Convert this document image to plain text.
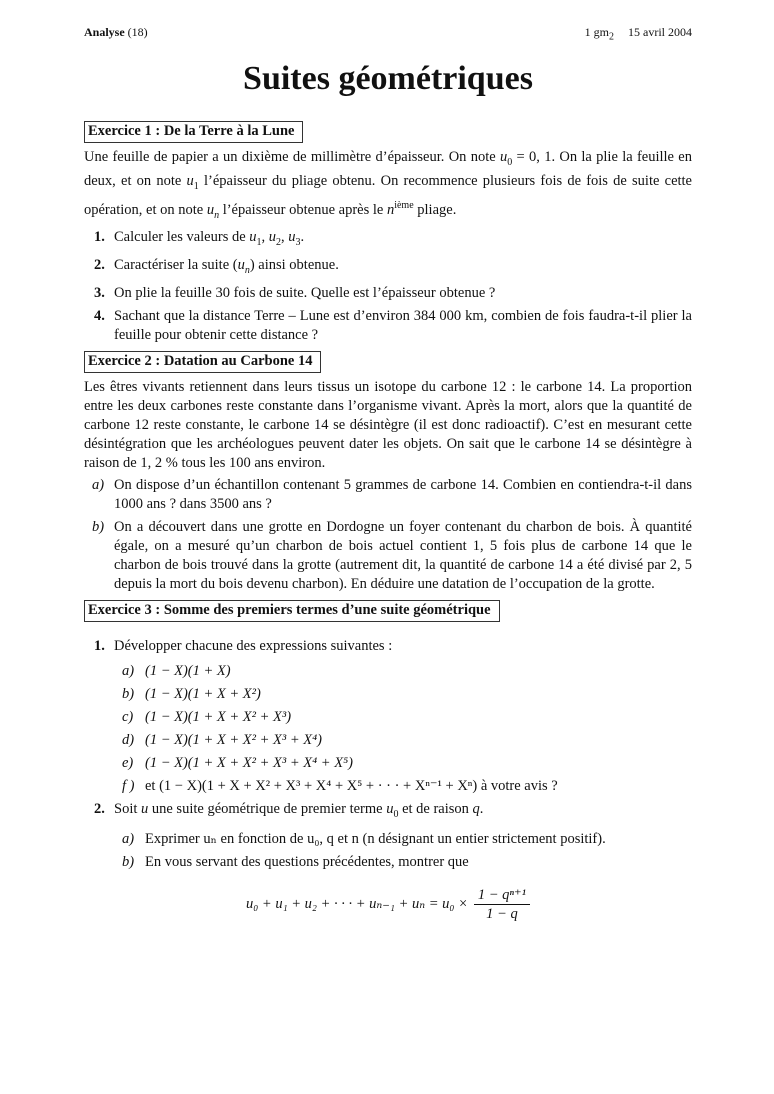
Analyse (18)	1 $gm_2$ 15 avril 2004
Suites géométriques
Exercice 1 : De la Terre à la Lune

Une feuille de papier a un dixième de millimètre d’épaisseur. On note $u_0 = 0$, 1. On la plie la feuille en deux, et on note $u_1$ l’épaisseur du pliage obtenu. On recommence plusieurs fois de fois de suite cette opération, et on note $u_n$ l’épaisseur obtenue après le $n^{ième}$ pliage.

1. Calculer les valeurs de $u_1$, $u_2$, $u_3$.
2. Caractériser la suite $(u_n)$ ainsi obtenue.
3. On plie la feuille 30 fois de suite. Quelle est l’épaisseur obtenue ?
4. Sachant que la distance Terre – Lune est d’environ 384 000 km, combien de fois faudra-t-il plier la feuille pour obtenir cette distance ?
Exercice 2 : Datation au Carbone 14

Les êtres vivants retiennent dans leurs tissus un isotope du carbone 12 : le carbone 14. La proportion entre les deux carbones reste constante dans l’organisme vivant. Après la mort, alors que la quantité de carbone 12 reste constante, le carbone 14 se désintègre (il est donc radioactif). C’est en mesurant cette désintégration que les archéologues peuvent dater les objets. On sait que le carbone 14 se désintègre à raison de 1, 2 % tous les 100 ans environ.

a) On dispose d’un échantillon contenant 5 grammes de carbone 14. Combien en contiendra-t-il dans 1000 ans ? dans 3500 ans ?
b) On a découvert dans une grotte en Dordogne un foyer contenant du charbon de bois. À quantité égale, on a mesuré qu’un charbon de bois actuel contient 1, 5 fois plus de carbone 14 que le charbon de bois trouvé dans la grotte (autrement dit, la quantité de carbone 14 a été divisé par 2, 5 depuis la mort du bois devenu charbon). En déduire une datation de l’occupation de la grotte.
Exercice 3 : Somme des premiers termes d’une suite géométrique
1. Développer chacune des expressions suivantes :
a) (1 − X)(1 + X)
b) (1 − X)(1 + X + X²)
c) (1 − X)(1 + X + X² + X³)
d) (1 − X)(1 + X + X² + X³ + X⁴)
e) (1 − X)(1 + X + X² + X³ + X⁴ + X⁵)
f ) et (1 − X)(1 + X + X² + X³ + X⁴ + X⁵ + · · · + Xⁿ⁻¹ + Xⁿ) à votre avis ?
2. Soit u une suite géométrique de premier terme $u_0$ et de raison q.
a) Exprimer uₙ en fonction de u₀, q et n (n désignant un entier strictement positif).
b) En vous servant des questions précédentes, montrer que
u₀ + u₁ + u₂ + · · · + $u_{n-1} + u_n = u_0 \times \frac{\text{1 − qⁿ⁺¹}}{1 - q}$
